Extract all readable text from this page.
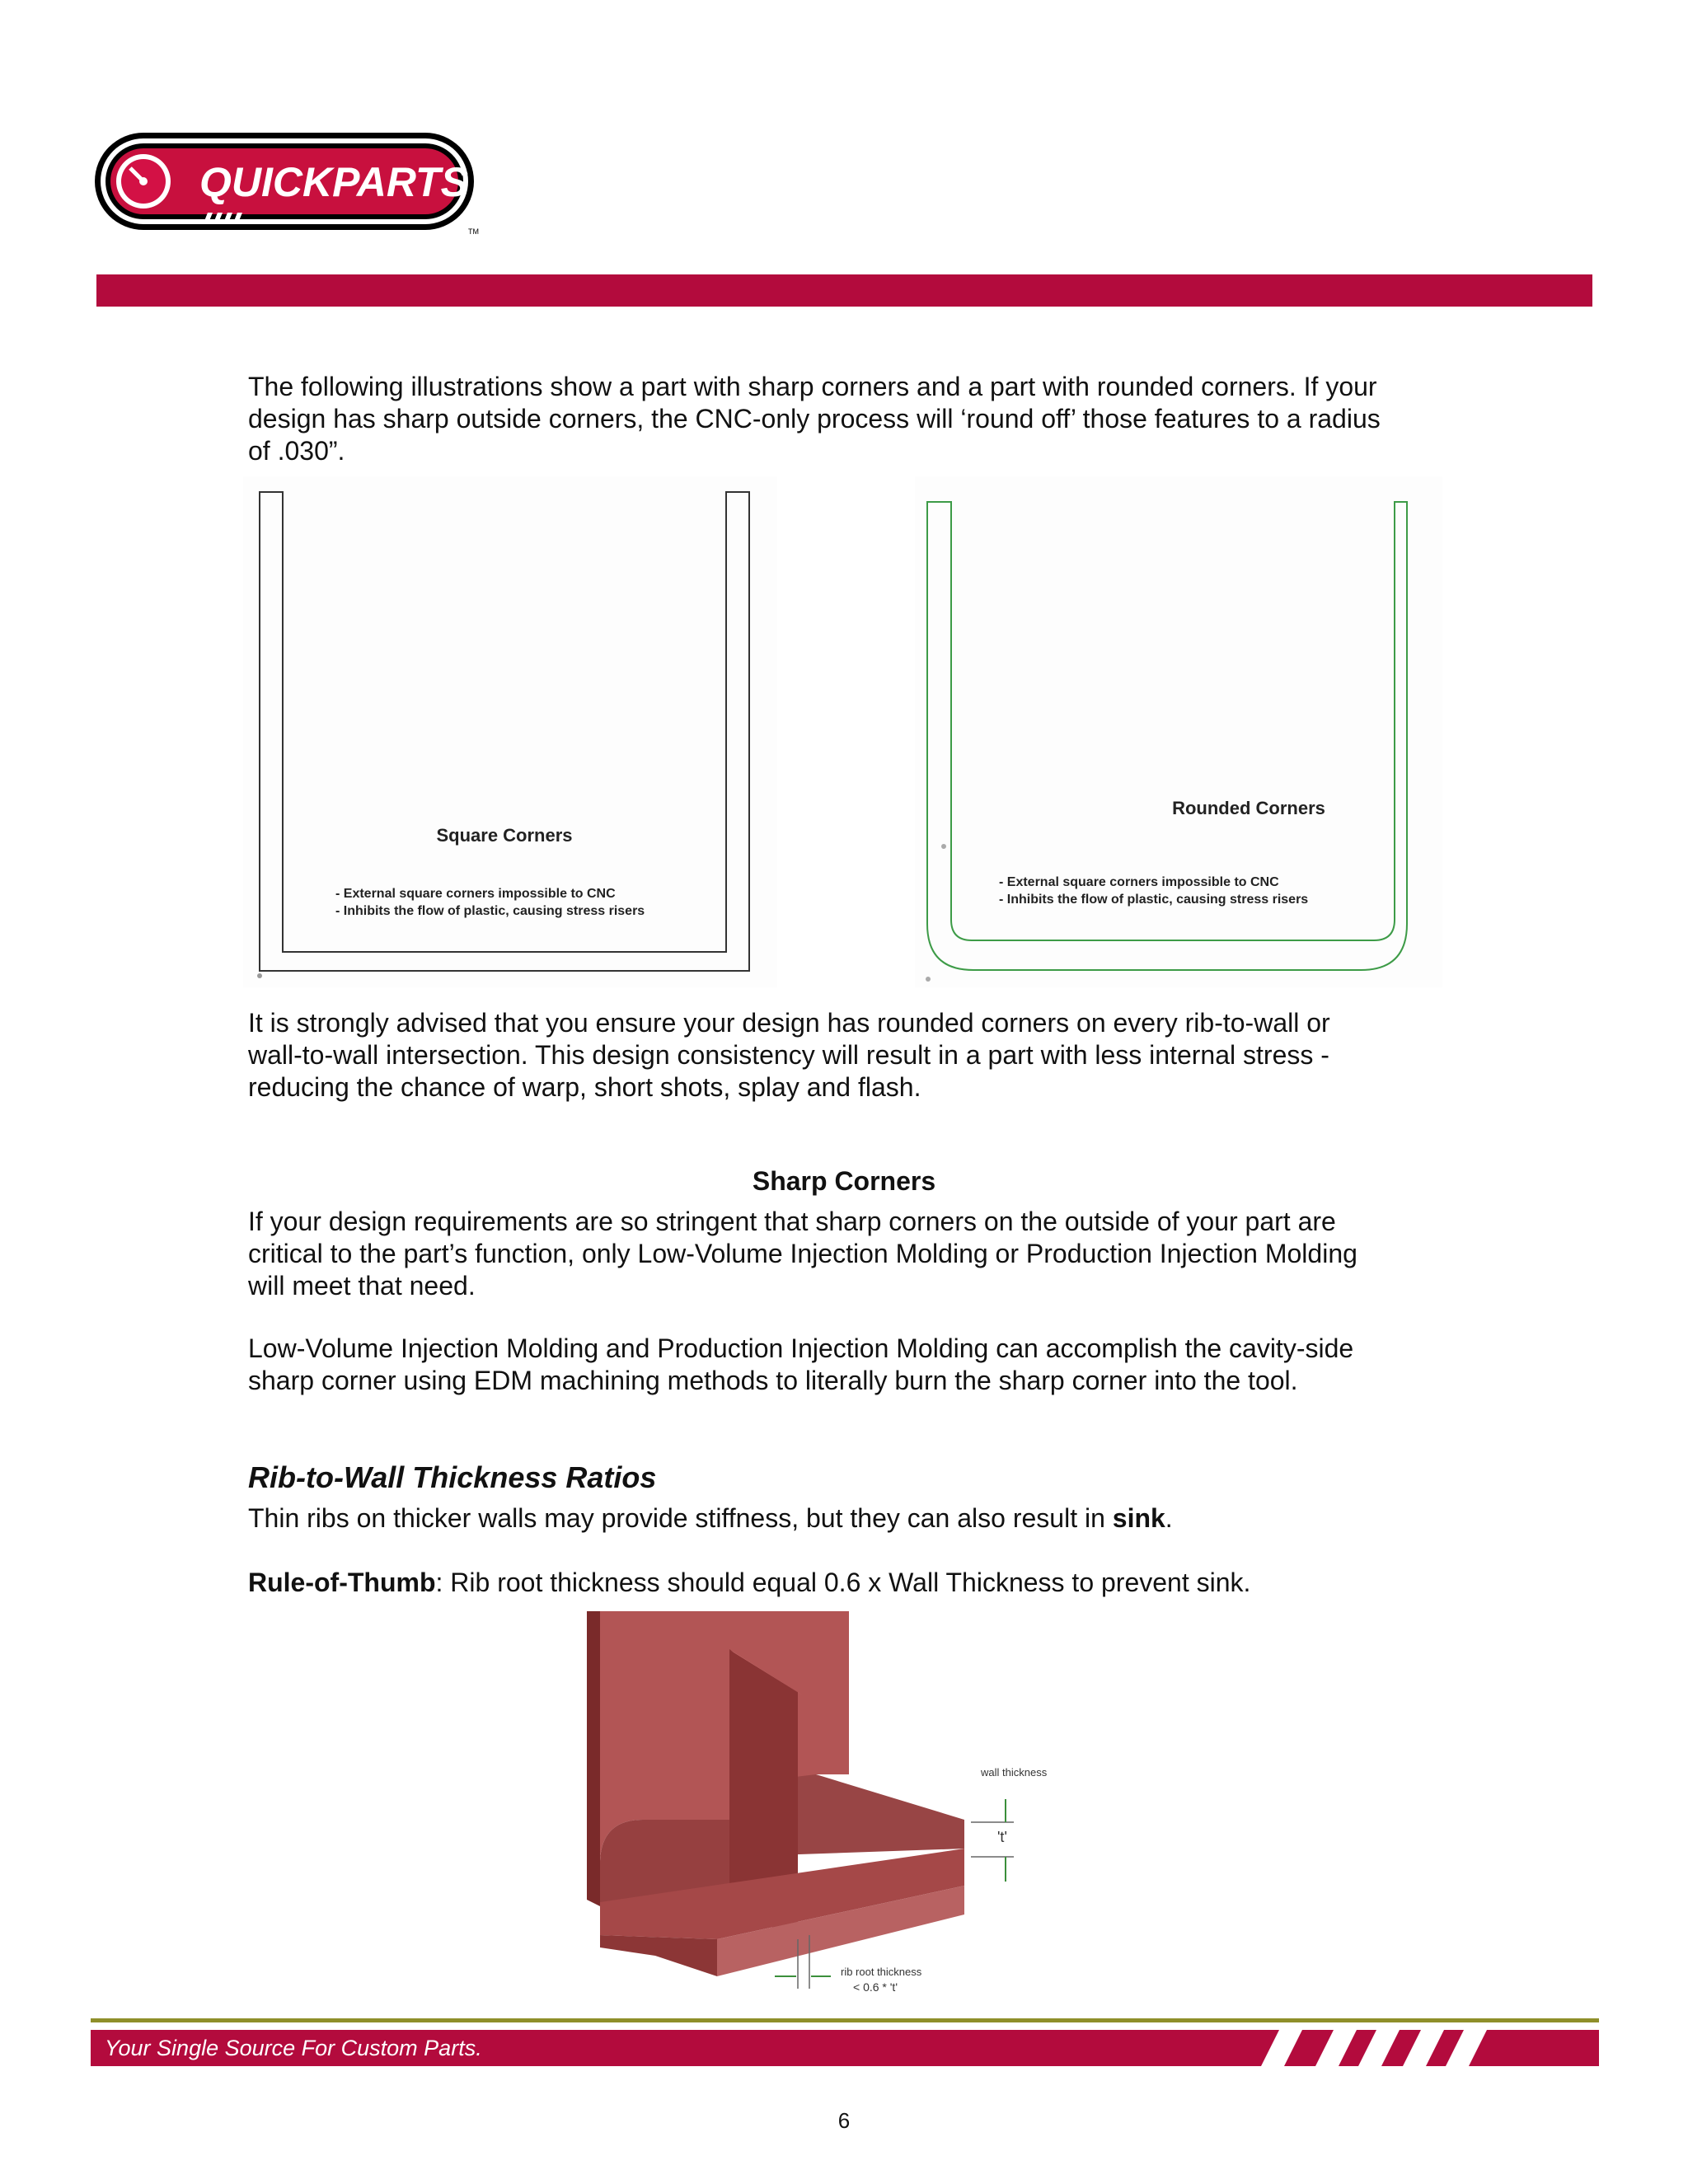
QUICKPARTS
TM

The following illustrations show a part with sharp corners and a part with rounded corners. If your

design has sharp outside corners, the CNC-only process will ‘round off’ those features to a radius

of .030”.

Square Corners
- External square corners impossible to CNC
- Inhibits the flow of plastic, causing stress risers
Rounded Corners
- External square corners impossible to CNC
- Inhibits the flow of plastic, causing stress risers

It is strongly advised that you ensure your design has rounded corners on every rib-to-wall or

wall-to-wall intersection. This design consistency will result in a part with less internal stress -

reducing the chance of warp, short shots, splay and flash.

Sharp Corners

If your design requirements are so stringent that sharp corners on the outside of your part are

critical to the part’s function, only Low-Volume Injection Molding or Production Injection Molding

will meet that need.

Low-Volume Injection Molding and Production Injection Molding can accomplish the cavity-side

sharp corner using EDM machining methods to literally burn the sharp corner into the tool.

Rib-to-Wall Thickness Ratios

Thin ribs on thicker walls may provide stiffness, but they can also result in sink.

Rule-of-Thumb: Rib root thickness should equal 0.6 x Wall Thickness to prevent sink.

wall thickness
't'
rib root thickness
< 0.6 * 't'

Your Single Source For Custom Parts.

6
